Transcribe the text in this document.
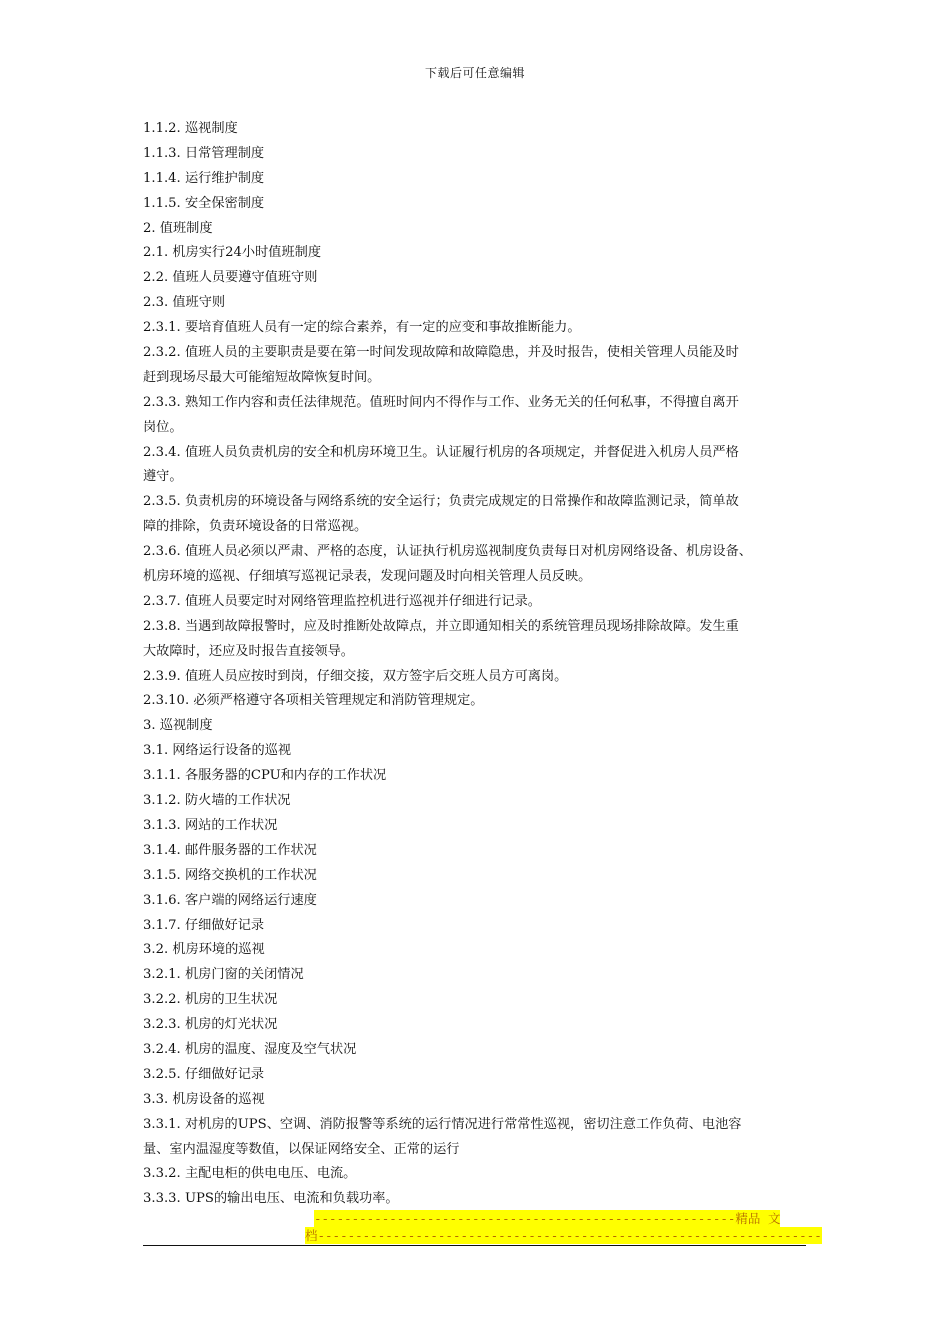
下载后可任意编辑
1.1.2. 巡视制度
1.1.3. 日常管理制度
1.1.4. 运行维护制度
1.1.5. 安全保密制度
2. 值班制度
2.1. 机房实行24小时值班制度
2.2. 值班人员要遵守值班守则
2.3. 值班守则
2.3.1. 要培育值班人员有一定的综合素养，有一定的应变和事故推断能力。
2.3.2. 值班人员的主要职责是要在第一时间发现故障和故障隐患，并及时报告，使相关管理人员能及时
赶到现场尽最大可能缩短故障恢复时间。
2.3.3. 熟知工作内容和责任法律规范。值班时间内不得作与工作、业务无关的任何私事，不得擅自离开
岗位。
2.3.4. 值班人员负责机房的安全和机房环境卫生。认证履行机房的各项规定，并督促进入机房人员严格
遵守。
2.3.5. 负责机房的环境设备与网络系统的安全运行；负责完成规定的日常操作和故障监测记录，简单故
障的排除，负责环境设备的日常巡视。
2.3.6. 值班人员必须以严肃、严格的态度，认证执行机房巡视制度负责每日对机房网络设备、机房设备、
机房环境的巡视、仔细填写巡视记录表，发现问题及时向相关管理人员反映。
2.3.7. 值班人员要定时对网络管理监控机进行巡视并仔细进行记录。
2.3.8. 当遇到故障报警时，应及时推断处故障点，并立即通知相关的系统管理员现场排除故障。发生重
大故障时，还应及时报告直接领导。
2.3.9. 值班人员应按时到岗，仔细交接，双方签字后交班人员方可离岗。
2.3.10. 必须严格遵守各项相关管理规定和消防管理规定。
3. 巡视制度
3.1. 网络运行设备的巡视
3.1.1. 各服务器的CPU和内存的工作状况
3.1.2. 防火墙的工作状况
3.1.3. 网站的工作状况
3.1.4. 邮件服务器的工作状况
3.1.5. 网络交换机的工作状况
3.1.6. 客户端的网络运行速度
3.1.7. 仔细做好记录
3.2. 机房环境的巡视
3.2.1. 机房门窗的关闭情况
3.2.2. 机房的卫生状况
3.2.3. 机房的灯光状况
3.2.4. 机房的温度、湿度及空气状况
3.2.5. 仔细做好记录
3.3. 机房设备的巡视
3.3.1. 对机房的UPS、空调、消防报警等系统的运行情况进行常常性巡视，密切注意工作负荷、电池容
量、室内温湿度等数值，以保证网络安全、正常的运行
3.3.2. 主配电柜的供电电压、电流。
3.3.3. UPS的输出电压、电流和负载功率。
--------------------------------------------------------精品 文
档-------------------------------------------------------------------
